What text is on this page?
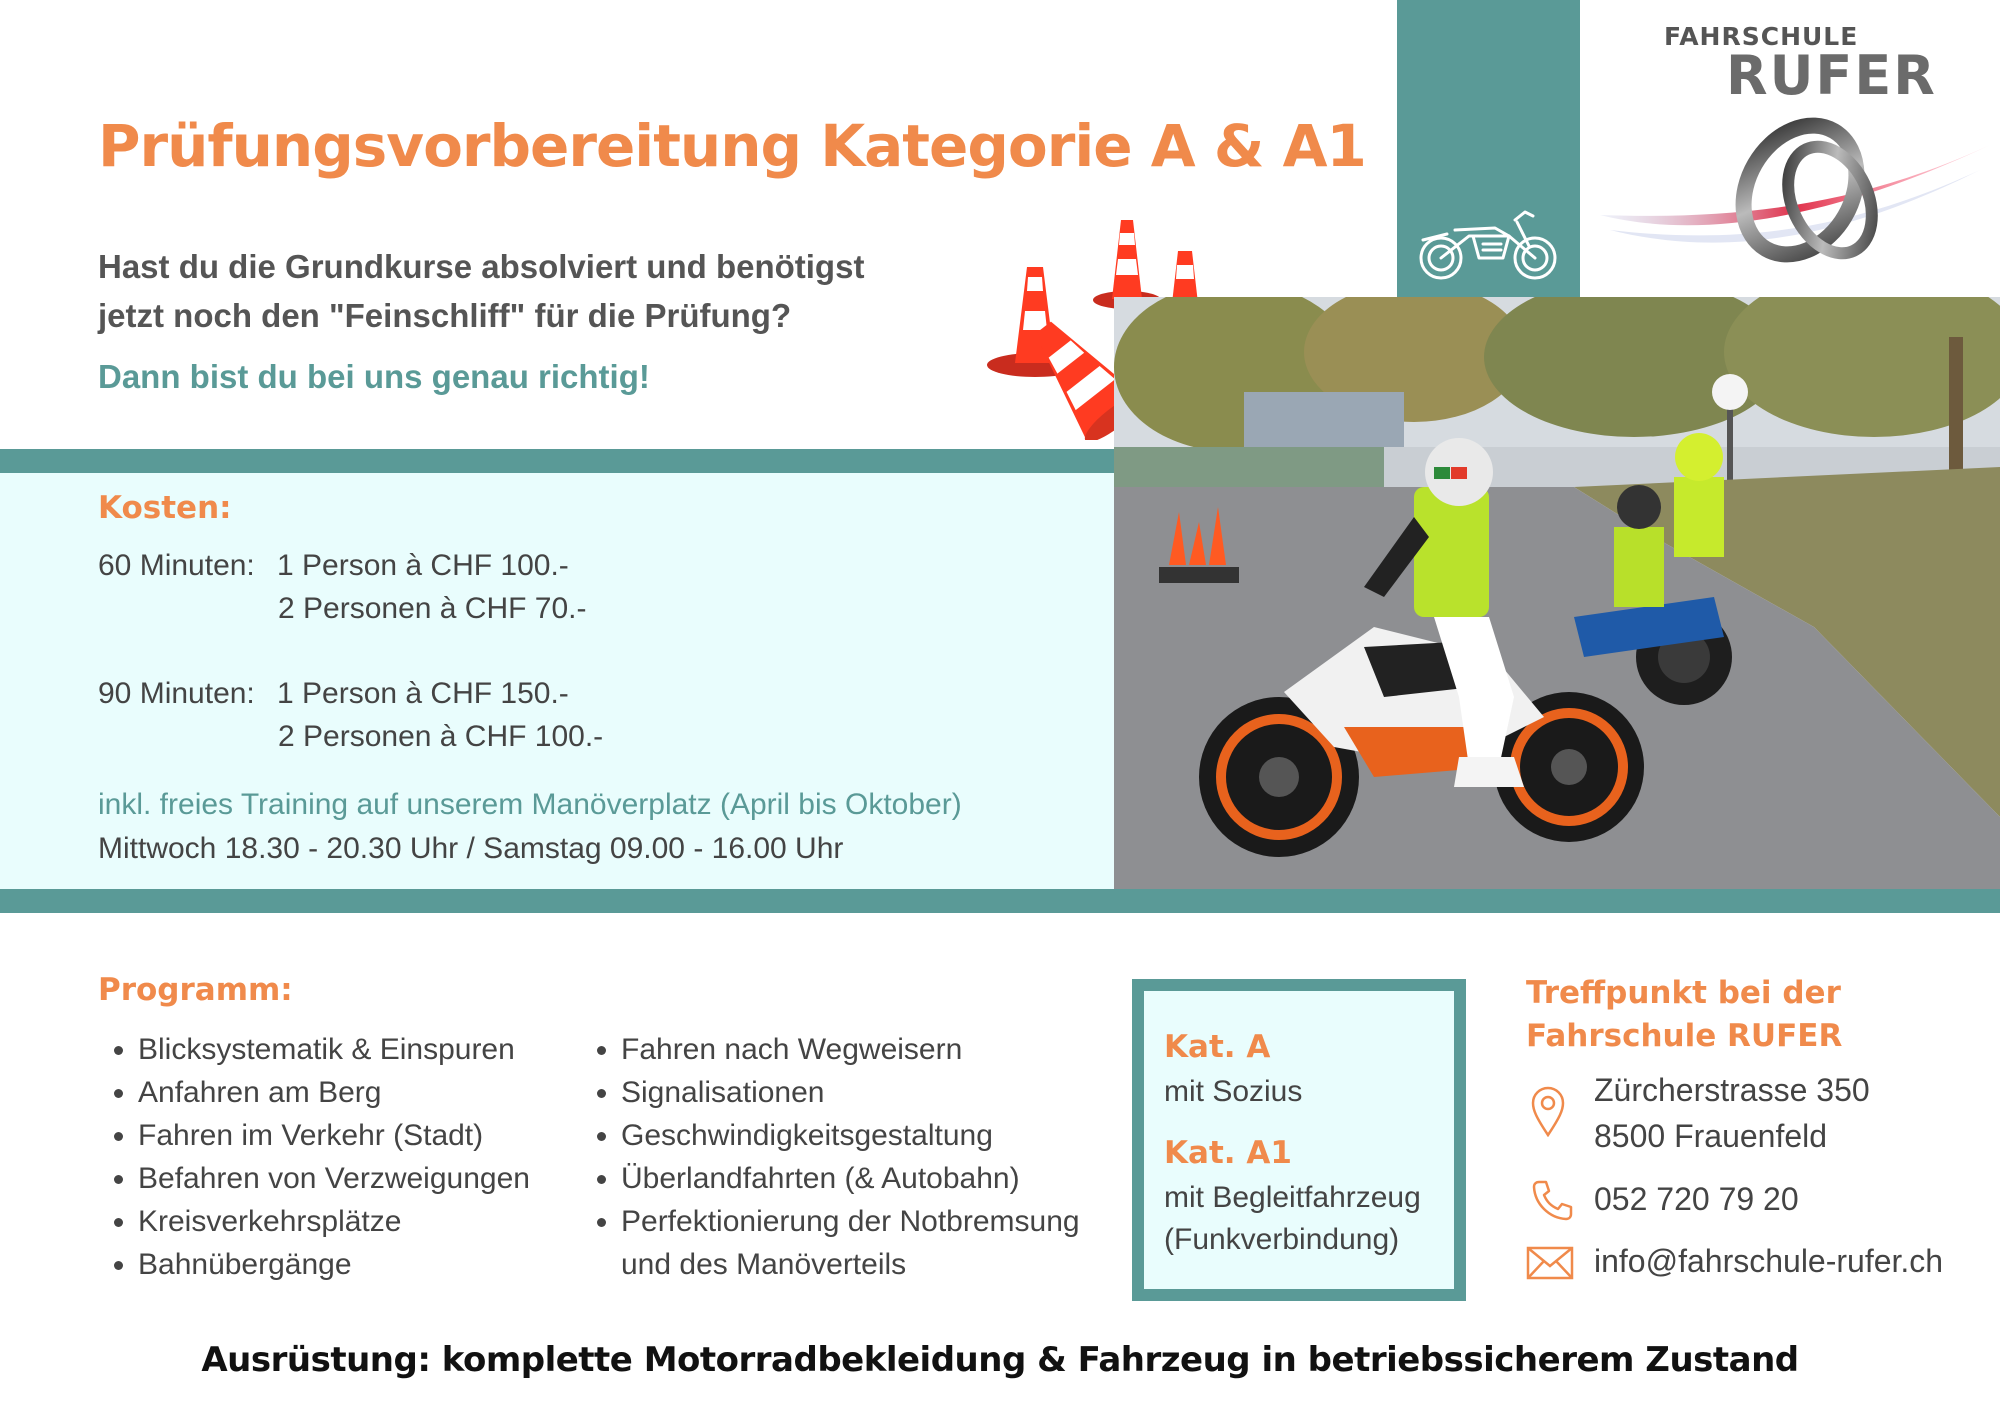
Prüfungsvorbereitung Kategorie A & A1
Hast du die Grundkurse absolviert und benötigst
jetzt noch den "Feinschliff" für die Prüfung?
Dann bist du bei uns genau richtig!
FAHRSCHULE
RUFER
Kosten:
60 Minuten: 1 Person à CHF 100.-
2 Personen à CHF 70.-
90 Minuten: 1 Person à CHF 150.-
2 Personen à CHF 100.-
inkl. freies Training auf unserem Manöverplatz (April bis Oktober)
Mittwoch 18.30 - 20.30 Uhr / Samstag 09.00 - 16.00 Uhr
Programm:
• Blicksystematik & Einspuren
• Anfahren am Berg
• Fahren im Verkehr (Stadt)
• Befahren von Verzweigungen
• Kreisverkehrsplätze
• Bahnübergänge
• Fahren nach Wegweisern
• Signalisationen
• Geschwindigkeitsgestaltung
• Überlandfahrten (& Autobahn)
• Perfektionierung der Notbremsung
und des Manöverteils
Kat. A
mit Sozius
Kat. A1
mit Begleitfahrzeug
(Funkverbindung)
Treffpunkt bei der
Fahrschule RUFER
Zürcherstrasse 350
8500 Frauenfeld
052 720 79 20
info@fahrschule-rufer.ch
Ausrüstung: komplette Motorradbekleidung & Fahrzeug in betriebssicherem Zustand
